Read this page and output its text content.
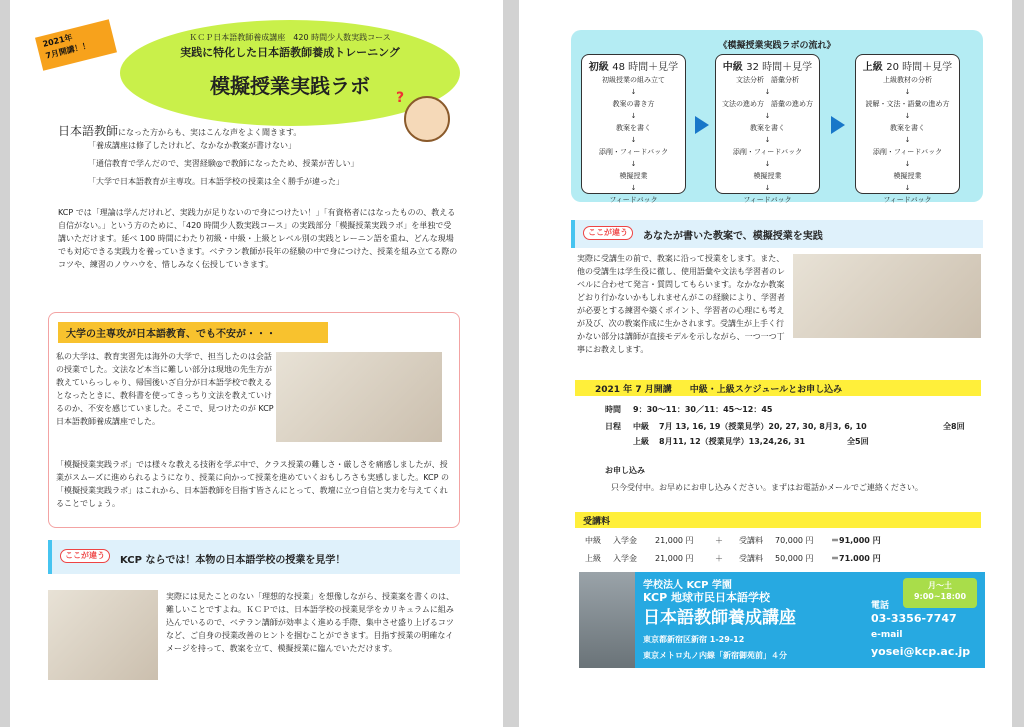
2021年
7月開講！！
ＫＣＰ日本語教師養成講座　420 時間少人数実践コース
実践に特化した日本語教師養成トレーニング
模擬授業実践ラボ	?
日本語教師になった方からも、実はこんな声をよく聞きます。
「養成講座は修了したけれど、なかなか教案が書けない」
「通信教育で学んだので、実習経験◎で教師になったため、授業が苦しい」
「大学で日本語教育が主専攻。日本語学校の授業は全く勝手が違った」
KCP では「理論は学んだけれど、実践力が足りないので身につけたい！」「有資格者にはなったものの、教える自信がない。」という方のために、「420 時間少人数実践コース」の実践部分「模擬授業実践ラボ」を単独で受講いただけます。延べ 100 時間にわたり初級・中級・上級とレベル別の実践とレーニン語を重ね、どんな現場でも対応できる実践力を養っていきます。ベテラン教師が長年の経験の中で身につけた、授業を組み立てる際のコツや、練習のノウハウを、惜しみなく伝授していきます。
大学の主専攻が日本語教育、でも不安が・・・
私の大学は、教育実習先は海外の大学で、担当したのは会話の授業でした。文法など本当に難しい部分は現地の先生方が教えていらっしゃり、帰国後いざ自分が日本語学校で教えるとなったときに、教科書を使ってきっちり文法を教えていけるのか、不安を感じていました。そこで、見つけたのが KCP 日本語教師養成講座でした。
「模擬授業実践ラボ」では様々な教える技術を学ぶ中で、クラス授業の難しさ・厳しさを痛感しましたが、授業がスムーズに進められるようになり、授業に向かって授業を進めていくおもしろさも実感しました。KCP の「模擬授業実践ラボ」はこれから、日本語教師を目指す皆さんにとって、教壇に立つ自信と実力を与えてくれることでしょう。
ここが違う	KCP ならでは！本物の日本語学校の授業を見学！
実際には見たことのない「理想的な授業」を想像しながら、授業案を書くのは、難しいことですよね。ＫＣＰでは、日本語学校の授業見学をカリキュラムに組み込んでいるので、ベテラン講師が効率よく進める手際、集中させ盛り上げるコツなど、ご自身の授業改善のヒントを掴むことができます。目指す授業の明確なイメージを持って、教案を立て、模擬授業に臨んでいただけます。
《模擬授業実践ラボの流れ》
初級 48 時間＋見学
初級授業の組み立て
↓
教案の書き方
↓
教案を書く
↓
添削・フィードバック
↓
模擬授業
↓
フィードバック
中級 32 時間＋見学
文法分析　語彙分析
↓
文法の進め方　語彙の進め方
↓
教案を書く
↓
添削・フィードバック
↓
模擬授業
↓
フィードバック
上級 20 時間＋見学
上級教材の分析
↓
読解・文法・語彙の進め方
↓
教案を書く
↓
添削・フィードバック
↓
模擬授業
↓
フィードバック
ここが違う	あなたが書いた教案で、模擬授業を実践
実際に受講生の前で、教案に沿って授業をします。また、他の受講生は学生役に徹し、使用語彙や文法も学習者のレベルに合わせて発言・質問してもらいます。なかなか教案どおり行かないかもしれませんがこの経験により、学習者が必要とする練習や築くポイント、学習者の心理にも考えが及び、次の教案作成に生かされます。受講生が上手く行かない部分は講師が直接モデルを示しながら、一つ一つ丁寧にお教えします。
2021 年 7 月開講　　中級・上級スケジュールとお申し込み
時間 9：30～11：30／11：45～12：45
日程 中級 7月 13, 16, 19（授業見学）20, 27, 30, 8月3, 6, 10	全8回
上級 8月11, 12（授業見学）13,24,26, 31	全5回
お申し込み
只今受付中。お早めにお申し込みください。まずはお電話かメールでご連絡ください。
受講料
中級 入学金 21,000 円	＋ 受講料 70,000 円 ＝91,000 円
上級 入学金 21,000 円	＋ 受講料 50,000 円 ＝71.000 円
学校法人 KCP 学園
KCP 地球市民日本語学校
日本語教師養成講座
東京都新宿区新宿 1-29-12
東京メトロ丸ノ内線「新宿御苑前」４分
月～土
9:00~18:00
電話
03-3356-7747
e-mail
yosei@kcp.ac.jp
